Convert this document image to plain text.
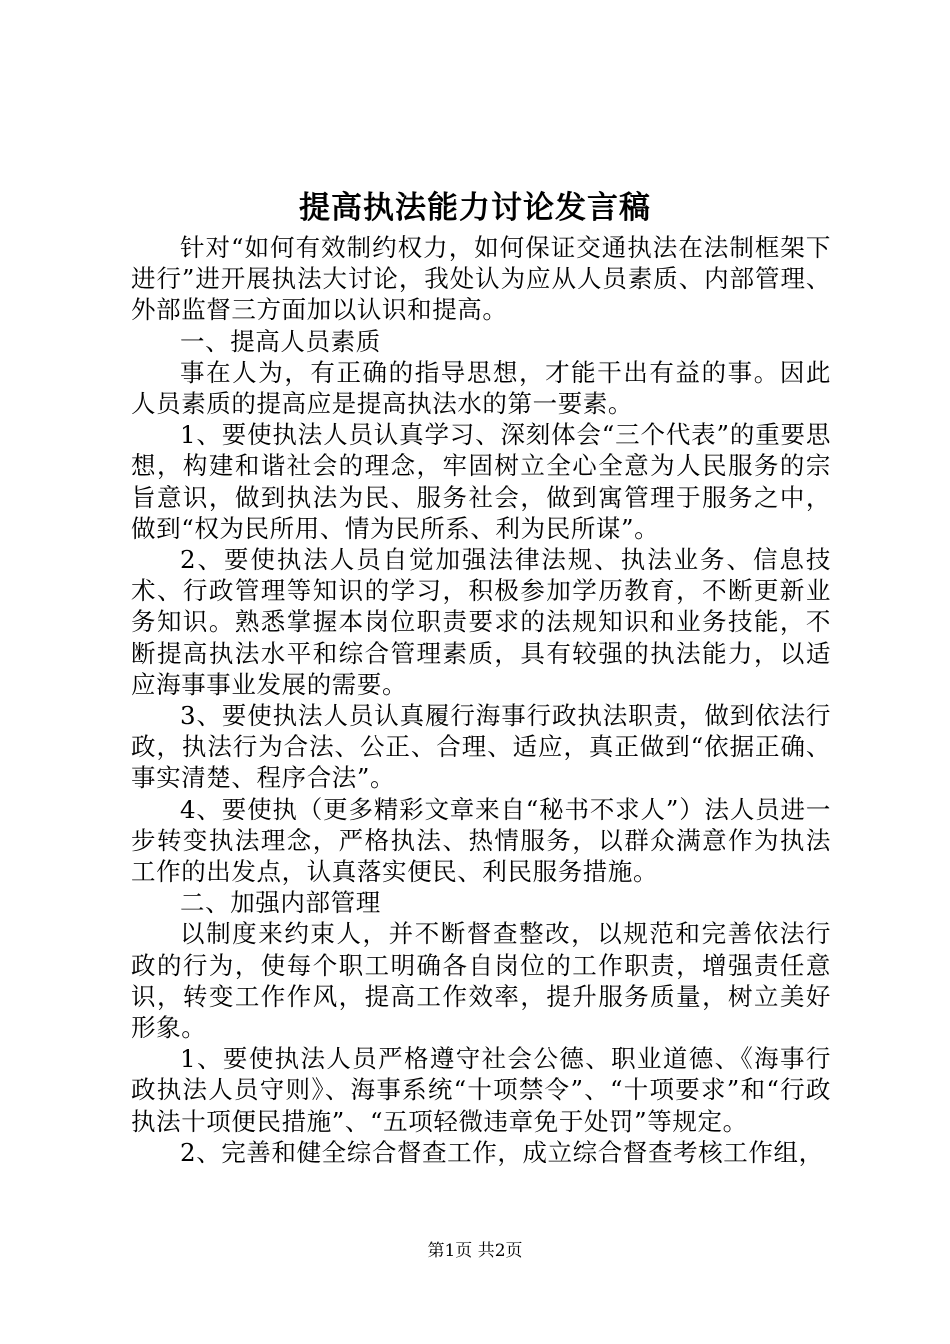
提高执法能力讨论发言稿

针对“如何有效制约权力，如何保证交通执法在法制框架下进行”进开展执法大讨论，我处认为应从人员素质、内部管理、外部监督三方面加以认识和提高。

一、提高人员素质

事在人为，有正确的指导思想，才能干出有益的事。因此人员素质的提高应是提高执法水的第一要素。

1、要使执法人员认真学习、深刻体会“三个代表”的重要思想，构建和谐社会的理念，牢固树立全心全意为人民服务的宗旨意识，做到执法为民、服务社会，做到寓管理于服务之中，做到“权为民所用、情为民所系、利为民所谋”。

2、要使执法人员自觉加强法律法规、执法业务、信息技术、行政管理等知识的学习，积极参加学历教育，不断更新业务知识。熟悉掌握本岗位职责要求的法规知识和业务技能，不断提高执法水平和综合管理素质，具有较强的执法能力，以适应海事事业发展的需要。

3、要使执法人员认真履行海事行政执法职责，做到依法行政，执法行为合法、公正、合理、适应，真正做到“依据正确、事实清楚、程序合法”。

4、要使执（更多精彩文章来自“秘书不求人”）法人员进一步转变执法理念，严格执法、热情服务，以群众满意作为执法工作的出发点，认真落实便民、利民服务措施。

二、加强内部管理

以制度来约束人，并不断督查整改，以规范和完善依法行政的行为，使每个职工明确各自岗位的工作职责，增强责任意识，转变工作作风，提高工作效率，提升服务质量，树立美好形象。

1、要使执法人员严格遵守社会公德、职业道德、《海事行政执法人员守则》、海事系统“十项禁令”、“十项要求”和“行政执法十项便民措施”、“五项轻微违章免于处罚”等规定。

2、完善和健全综合督查工作，成立综合督查考核工作组，

第1页 共2页
